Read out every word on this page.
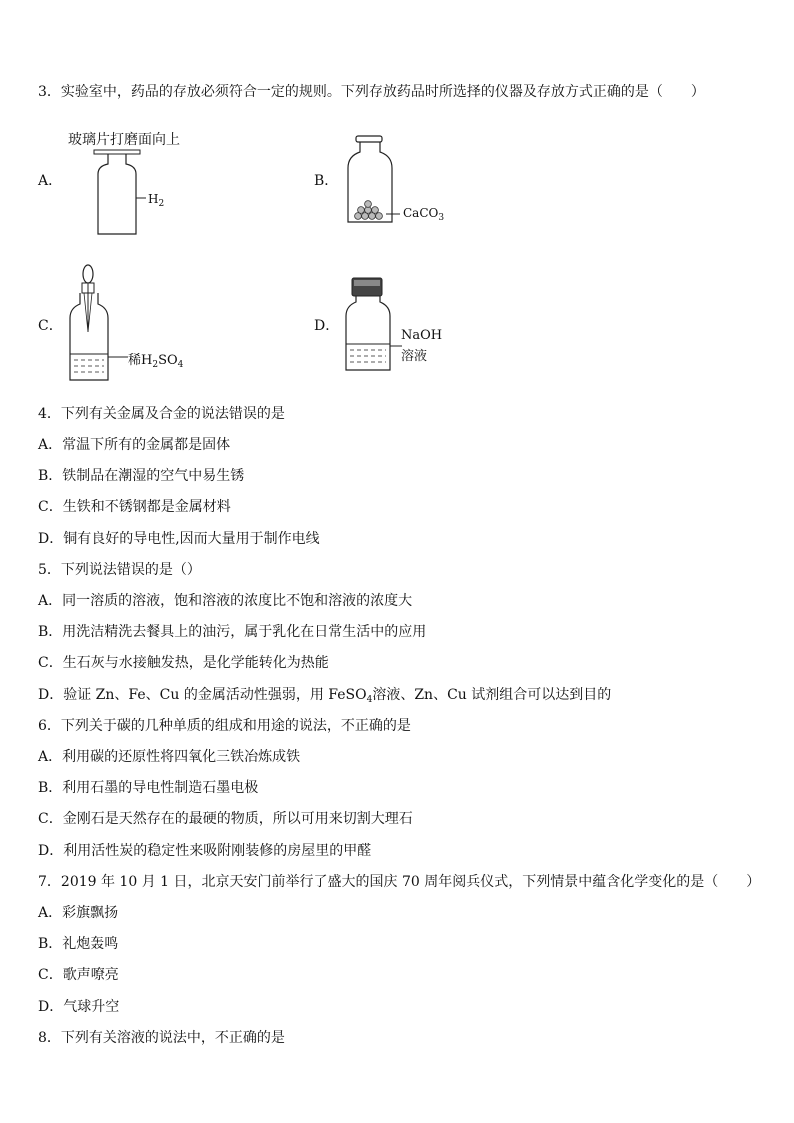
3．实验室中，药品的存放必须符合一定的规则。下列存放药品时所选择的仪器及存放方式正确的是（　　）
A．
玻璃片打磨面向上
$H_2$
B．
CaCO$_3$
C．
稀$H_2SO_4$
D．
NaOH
溶液
4．下列有关金属及合金的说法错误的是
A．常温下所有的金属都是固体
B．铁制品在潮湿的空气中易生锈
C．生铁和不锈钢都是金属材料
D．铜有良好的导电性,因而大量用于制作电线
5．下列说法错误的是（）
A．同一溶质的溶液，饱和溶液的浓度比不饱和溶液的浓度大
B．用洗洁精洗去餐具上的油污，属于乳化在日常生活中的应用
C．生石灰与水接触发热，是化学能转化为热能
D．验证 Zn、Fe、Cu 的金属活动性强弱，用 FeSO$_4$溶液、Zn、Cu 试剂组合可以达到目的
6．下列关于碳的几种单质的组成和用途的说法，不正确的是
A．利用碳的还原性将四氧化三铁冶炼成铁
B．利用石墨的导电性制造石墨电极
C．金刚石是天然存在的最硬的物质，所以可用来切割大理石
D．利用活性炭的稳定性来吸附刚装修的房屋里的甲醛
7．2019 年 10 月 1 日，北京天安门前举行了盛大的国庆 70 周年阅兵仪式，下列情景中蕴含化学变化的是（　　）
A．彩旗飘扬
B．礼炮轰鸣
C．歌声嘹亮
D．气球升空
8．下列有关溶液的说法中，不正确的是
